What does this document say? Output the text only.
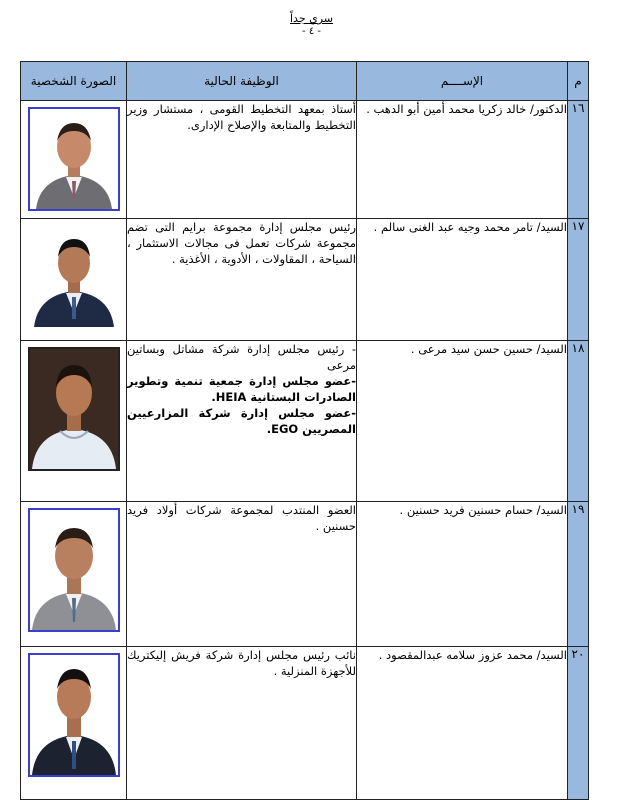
سري جداً
- ٤ -
م	الإســــم	الوظيفة الحالية	الصورة الشخصية
١٦	الدكتور/ خالد زكريا محمد أمين أبو الدهب .	أستاذ بمعهد التخطيط القومى ، مستشار وزير التخطيط والمتابعة والإصلاح الإدارى.

١٧	السيد/ تامر محمد وجيه عبد الغنى سالم .	رئيس مجلس إدارة مجموعة برايم التى تضم مجموعة شركات تعمل فى مجالات الاستثمار ، السياحة ، المقاولات ، الأدوية ، الأغذية .

١٨	السيد/ حسين حسن سيد مرعى .	- رئيس مجلس إدارة شركة مشاتل وبساتين مرعى
-عضو مجلس إدارة جمعية تنمية وتطوير الصادرات البستانية HEIA.
-عضو مجلس إدارة شركة المزارعيين المصريين EGO.

١٩	السيد/ حسام حسنين فريد حسنين .	العضو المنتدب لمجموعة شركات أولاد فريد حسنين .

٢٠	السيد/ محمد عزوز سلامه عبدالمقصود .	نائب رئيس مجلس إدارة شركة فريش إليكتريك للأجهزة المنزلية .
